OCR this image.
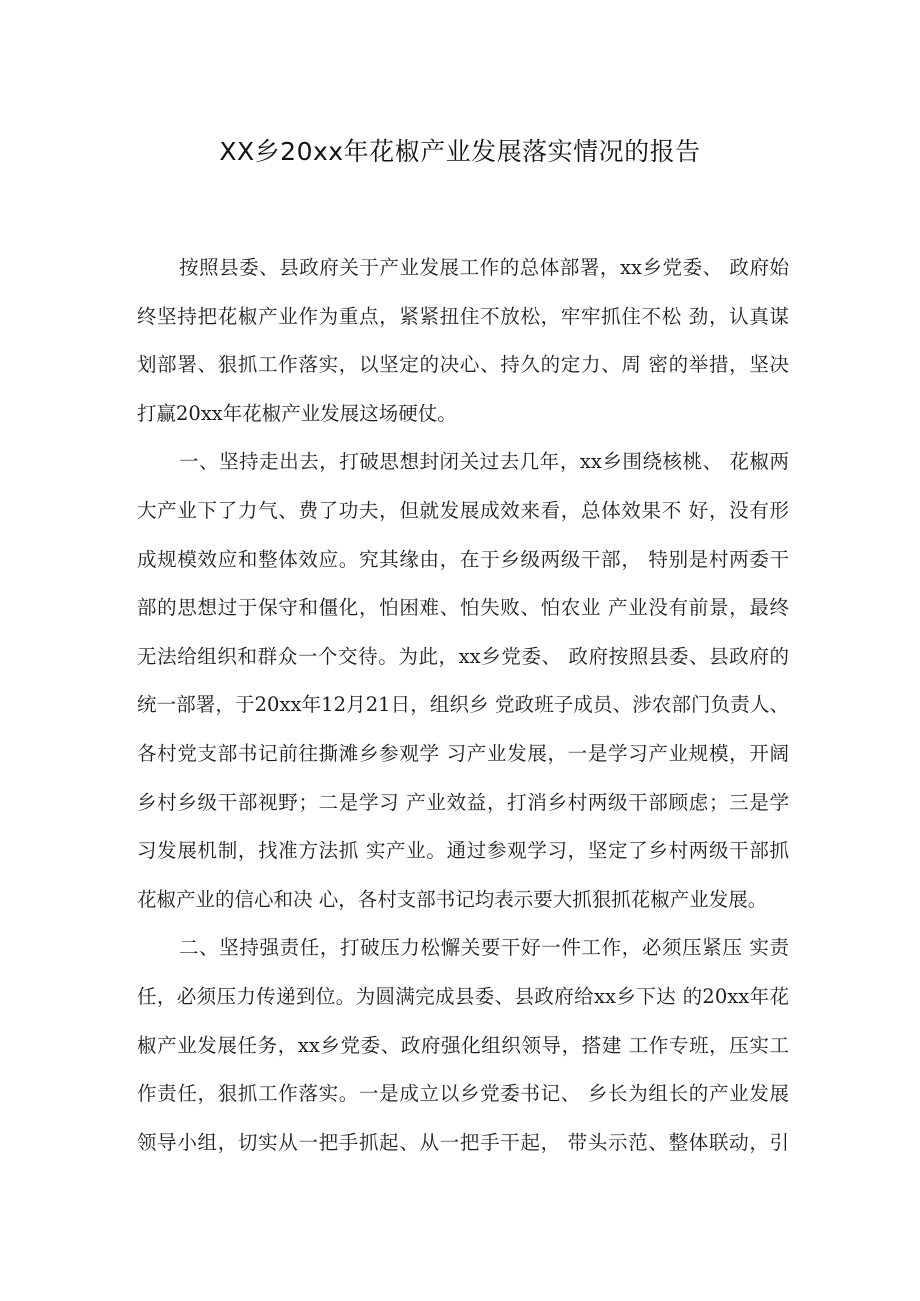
XX乡20xx年花椒产业发展落实情况的报告
按照县委、县政府关于产业发展工作的总体部署，xx乡党委、 政府始
终坚持把花椒产业作为重点，紧紧扭住不放松，牢牢抓住不松 劲，认真谋
划部署、狠抓工作落实，以坚定的决心、持久的定力、周 密的举措，坚决
打赢20xx年花椒产业发展这场硬仗。
一、坚持走出去，打破思想封闭关过去几年，xx乡围绕核桃、 花椒两
大产业下了力气、费了功夫，但就发展成效来看，总体效果不 好，没有形
成规模效应和整体效应。究其缘由，在于乡级两级干部， 特别是村两委干
部的思想过于保守和僵化，怕困难、怕失败、怕农业 产业没有前景，最终
无法给组织和群众一个交待。为此，xx乡党委、 政府按照县委、县政府的
统一部署，于20xx年12月21日，组织乡 党政班子成员、涉农部门负责人、
各村党支部书记前往撕滩乡参观学 习产业发展，一是学习产业规模，开阔
乡村乡级干部视野；二是学习 产业效益，打消乡村两级干部顾虑；三是学
习发展机制，找准方法抓 实产业。通过参观学习，坚定了乡村两级干部抓
花椒产业的信心和决 心，各村支部书记均表示要大抓狠抓花椒产业发展。
二、坚持强责任，打破压力松懈关要干好一件工作，必须压紧压 实责
任，必须压力传递到位。为圆满完成县委、县政府给xx乡下达 的20xx年花
椒产业发展任务，xx乡党委、政府强化组织领导，搭建 工作专班，压实工
作责任，狠抓工作落实。一是成立以乡党委书记、 乡长为组长的产业发展
领导小组，切实从一把手抓起、从一把手干起， 带头示范、整体联动，引
